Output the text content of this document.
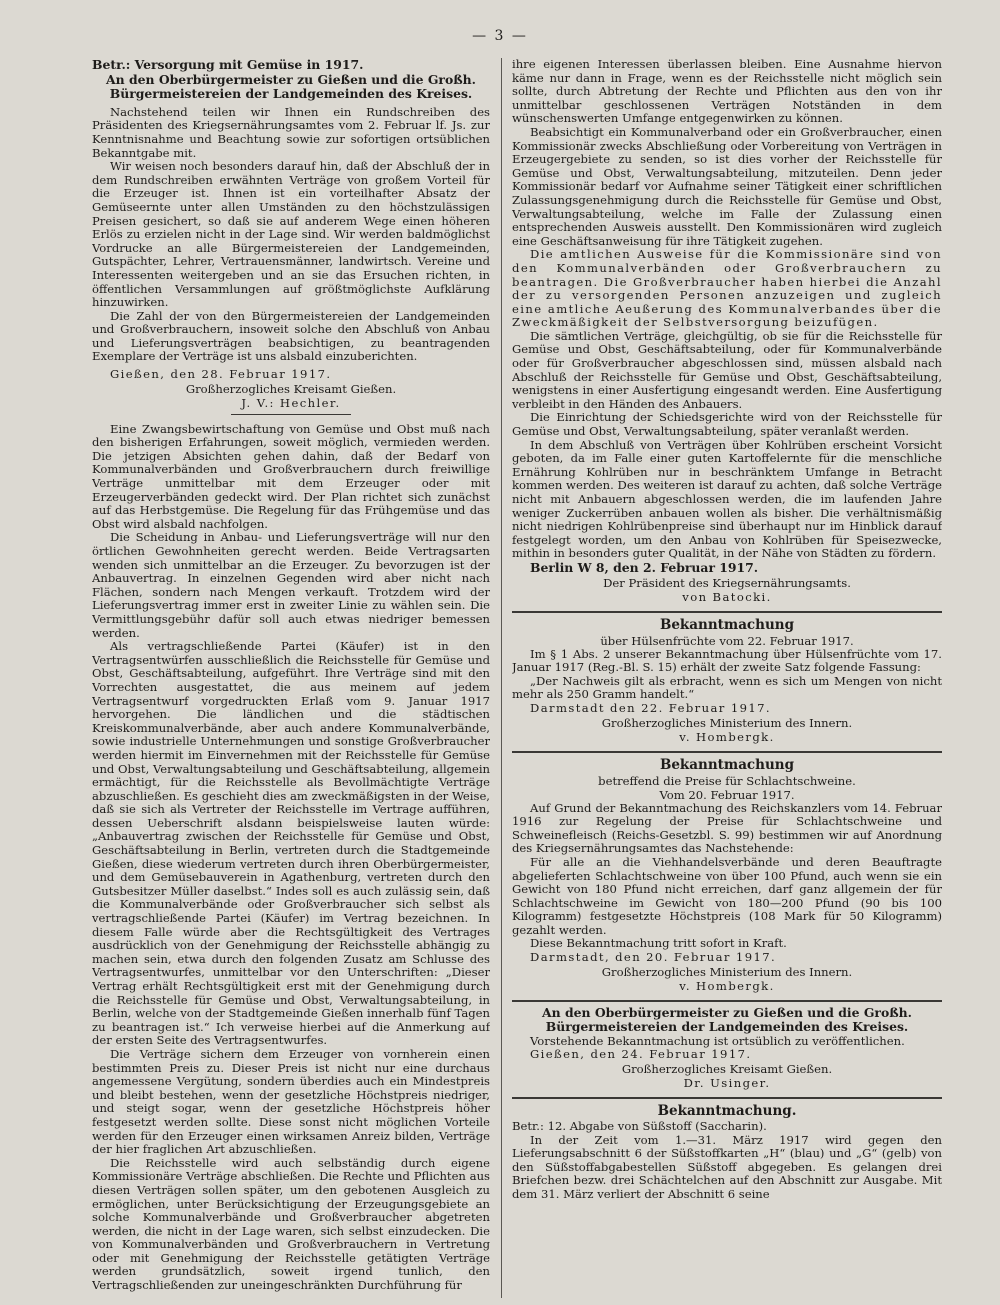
— 3 —

Betr.: Versorgung mit Gemüse in 1917.

An den Oberbürgermeister zu Gießen und die Großh. Bürgermeistereien der Landgemeinden des Kreises.

Nachstehend teilen wir Ihnen ein Rundschreiben des Präsidenten des Kriegsernährungsamtes vom 2. Februar lf. Js. zur Kenntnisnahme und Beachtung sowie zur sofortigen ortsüblichen Bekanntgabe mit.

Wir weisen noch besonders darauf hin, daß der Abschluß der in dem Rundschreiben erwähnten Verträge von großem Vorteil für die Erzeuger ist. Ihnen ist ein vorteilhafter Absatz der Gemüseernte unter allen Umständen zu den höchstzulässigen Preisen gesichert, so daß sie auf anderem Wege einen höheren Erlös zu erzielen nicht in der Lage sind. Wir werden baldmöglichst Vordrucke an alle Bürgermeistereien der Landgemeinden, Gutspächter, Lehrer, Vertrauensmänner, landwirtsch. Vereine und Interessenten weitergeben und an sie das Ersuchen richten, in öffentlichen Versammlungen auf größtmöglichste Aufklärung hinzuwirken.

Die Zahl der von den Bürgermeistereien der Landgemeinden und Großverbrauchern, insoweit solche den Abschluß von Anbau und Lieferungsverträgen beabsichtigen, zu beantragenden Exemplare der Verträge ist uns alsbald einzuberichten.

Gießen, den 28. Februar 1917.

Großherzogliches Kreisamt Gießen.

J. V.: Hechler.

Eine Zwangsbewirtschaftung von Gemüse und Obst muß nach den bisherigen Erfahrungen, soweit möglich, vermieden werden. Die jetzigen Absichten gehen dahin, daß der Bedarf von Kommunalverbänden und Großverbrauchern durch freiwillige Verträge unmittelbar mit dem Erzeuger oder mit Erzeugerverbänden gedeckt wird. Der Plan richtet sich zunächst auf das Herbstgemüse. Die Regelung für das Frühgemüse und das Obst wird alsbald nachfolgen.

Die Scheidung in Anbau- und Lieferungsverträge will nur den örtlichen Gewohnheiten gerecht werden. Beide Vertragsarten wenden sich unmittelbar an die Erzeuger. Zu bevorzugen ist der Anbauvertrag. In einzelnen Gegenden wird aber nicht nach Flächen, sondern nach Mengen verkauft. Trotzdem wird der Lieferungsvertrag immer erst in zweiter Linie zu wählen sein. Die Vermittlungsgebühr dafür soll auch etwas niedriger bemessen werden.

Als vertragschließende Partei (Käufer) ist in den Vertragsentwürfen ausschließlich die Reichsstelle für Gemüse und Obst, Geschäftsabteilung, aufgeführt. Ihre Verträge sind mit den Vorrechten ausgestattet, die aus meinem auf jedem Vertragsentwurf vorgedruckten Erlaß vom 9. Januar 1917 hervorgehen. Die ländlichen und die städtischen Kreiskommunalverbände, aber auch andere Kommunalverbände, sowie industrielle Unternehmungen und sonstige Großverbraucher werden hiermit im Einvernehmen mit der Reichsstelle für Gemüse und Obst, Verwaltungsabteilung und Geschäftsabteilung, allgemein ermächtigt, für die Reichsstelle als Bevollmächtigte Verträge abzuschließen. Es geschieht dies am zweckmäßigsten in der Weise, daß sie sich als Vertreter der Reichsstelle im Vertrage aufführen, dessen Ueberschrift alsdann beispielsweise lauten würde: „Anbauvertrag zwischen der Reichsstelle für Gemüse und Obst, Geschäftsabteilung in Berlin, vertreten durch die Stadtgemeinde Gießen, diese wiederum vertreten durch ihren Oberbürgermeister, und dem Gemüsebauverein in Agathenburg, vertreten durch den Gutsbesitzer Müller daselbst.“ Indes soll es auch zulässig sein, daß die Kommunalverbände oder Großverbraucher sich selbst als vertragschließende Partei (Käufer) im Vertrag bezeichnen. In diesem Falle würde aber die Rechtsgültigkeit des Vertrages ausdrücklich von der Genehmigung der Reichsstelle abhängig zu machen sein, etwa durch den folgenden Zusatz am Schlusse des Vertragsentwurfes, unmittelbar vor den Unterschriften: „Dieser Vertrag erhält Rechtsgültigkeit erst mit der Genehmigung durch die Reichsstelle für Gemüse und Obst, Verwaltungsabteilung, in Berlin, welche von der Stadtgemeinde Gießen innerhalb fünf Tagen zu beantragen ist.“ Ich verweise hierbei auf die Anmerkung auf der ersten Seite des Vertragsentwurfes.

Die Verträge sichern dem Erzeuger von vornherein einen bestimmten Preis zu. Dieser Preis ist nicht nur eine durchaus angemessene Vergütung, sondern überdies auch ein Mindestpreis und bleibt bestehen, wenn der gesetzliche Höchstpreis niedriger, und steigt sogar, wenn der gesetzliche Höchstpreis höher festgesetzt werden sollte. Diese sonst nicht möglichen Vorteile werden für den Erzeuger einen wirksamen Anreiz bilden, Verträge der hier fraglichen Art abzuschließen.

Die Reichsstelle wird auch selbständig durch eigene Kommissionäre Verträge abschließen. Die Rechte und Pflichten aus diesen Verträgen sollen später, um den gebotenen Ausgleich zu ermöglichen, unter Berücksichtigung der Erzeugungsgebiete an solche Kommunalverbände und Großverbraucher abgetreten werden, die nicht in der Lage waren, sich selbst einzudecken. Die von Kommunalverbänden und Großverbrauchern in Vertretung oder mit Genehmigung der Reichsstelle getätigten Verträge werden grundsätzlich, soweit irgend tunlich, den Vertragschließenden zur uneingeschränkten Durchführung für

ihre eigenen Interessen überlassen bleiben. Eine Ausnahme hiervon käme nur dann in Frage, wenn es der Reichsstelle nicht möglich sein sollte, durch Abtretung der Rechte und Pflichten aus den von ihr unmittelbar geschlossenen Verträgen Notständen in dem wünschenswerten Umfange entgegenwirken zu können.

Beabsichtigt ein Kommunalverband oder ein Großverbraucher, einen Kommissionär zwecks Abschließung oder Vorbereitung von Verträgen in Erzeugergebiete zu senden, so ist dies vorher der Reichsstelle für Gemüse und Obst, Verwaltungsabteilung, mitzuteilen. Denn jeder Kommissionär bedarf vor Aufnahme seiner Tätigkeit einer schriftlichen Zulassungsgenehmigung durch die Reichsstelle für Gemüse und Obst, Verwaltungsabteilung, welche im Falle der Zulassung einen entsprechenden Ausweis ausstellt. Den Kommissionären wird zugleich eine Geschäftsanweisung für ihre Tätigkeit zugehen.

Die amtlichen Ausweise für die Kommissionäre sind von den Kommunalverbänden oder Großverbrauchern zu beantragen. Die Großverbraucher haben hierbei die Anzahl der zu versorgenden Personen anzuzeigen und zugleich eine amtliche Aeußerung des Kommunalverbandes über die Zweckmäßigkeit der Selbstversorgung beizufügen.

Die sämtlichen Verträge, gleichgültig, ob sie für die Reichsstelle für Gemüse und Obst, Geschäftsabteilung, oder für Kommunalverbände oder für Großverbraucher abgeschlossen sind, müssen alsbald nach Abschluß der Reichsstelle für Gemüse und Obst, Geschäftsabteilung, wenigstens in einer Ausfertigung eingesandt werden. Eine Ausfertigung verbleibt in den Händen des Anbauers.

Die Einrichtung der Schiedsgerichte wird von der Reichsstelle für Gemüse und Obst, Verwaltungsabteilung, später veranlaßt werden.

In dem Abschluß von Verträgen über Kohlrüben erscheint Vorsicht geboten, da im Falle einer guten Kartoffelernte für die menschliche Ernährung Kohlrüben nur in beschränktem Umfange in Betracht kommen werden. Des weiteren ist darauf zu achten, daß solche Verträge nicht mit Anbauern abgeschlossen werden, die im laufenden Jahre weniger Zuckerrüben anbauen wollen als bisher. Die verhältnismäßig nicht niedrigen Kohlrübenpreise sind überhaupt nur im Hinblick darauf festgelegt worden, um den Anbau von Kohlrüben für Speisezwecke, mithin in besonders guter Qualität, in der Nähe von Städten zu fördern.

Berlin W 8, den 2. Februar 1917.

Der Präsident des Kriegsernährungsamts.

von Batocki.

Bekanntmachung

über Hülsenfrüchte vom 22. Februar 1917.

Im § 1 Abs. 2 unserer Bekanntmachung über Hülsenfrüchte vom 17. Januar 1917 (Reg.-Bl. S. 15) erhält der zweite Satz folgende Fassung:

„Der Nachweis gilt als erbracht, wenn es sich um Mengen von nicht mehr als 250 Gramm handelt.“

Darmstadt den 22. Februar 1917.

Großherzogliches Ministerium des Innern.

v. Hombergk.

Bekanntmachung

betreffend die Preise für Schlachtschweine.

Vom 20. Februar 1917.

Auf Grund der Bekanntmachung des Reichskanzlers vom 14. Februar 1916 zur Regelung der Preise für Schlachtschweine und Schweinefleisch (Reichs-Gesetzbl. S. 99) bestimmen wir auf Anordnung des Kriegsernährungsamtes das Nachstehende:

Für alle an die Viehhandelsverbände und deren Beauftragte abgelieferten Schlachtschweine von über 100 Pfund, auch wenn sie ein Gewicht von 180 Pfund nicht erreichen, darf ganz allgemein der für Schlachtschweine im Gewicht von 180—200 Pfund (90 bis 100 Kilogramm) festgesetzte Höchstpreis (108 Mark für 50 Kilogramm) gezahlt werden.

Diese Bekanntmachung tritt sofort in Kraft.

Darmstadt, den 20. Februar 1917.

Großherzogliches Ministerium des Innern.

v. Hombergk.

An den Oberbürgermeister zu Gießen und die Großh. Bürgermeistereien der Landgemeinden des Kreises.

Vorstehende Bekanntmachung ist ortsüblich zu veröffentlichen.

Gießen, den 24. Februar 1917.

Großherzogliches Kreisamt Gießen.

Dr. Usinger.

Bekanntmachung.

Betr.: 12. Abgabe von Süßstoff (Saccharin).

In der Zeit vom 1.—31. März 1917 wird gegen den Lieferungsabschnitt 6 der Süßstoffkarten „H“ (blau) und „G“ (gelb) von den Süßstoffabgabestellen Süßstoff abgegeben. Es gelangen drei Briefchen bezw. drei Schächtelchen auf den Abschnitt zur Ausgabe. Mit dem 31. März verliert der Abschnitt 6 seine
